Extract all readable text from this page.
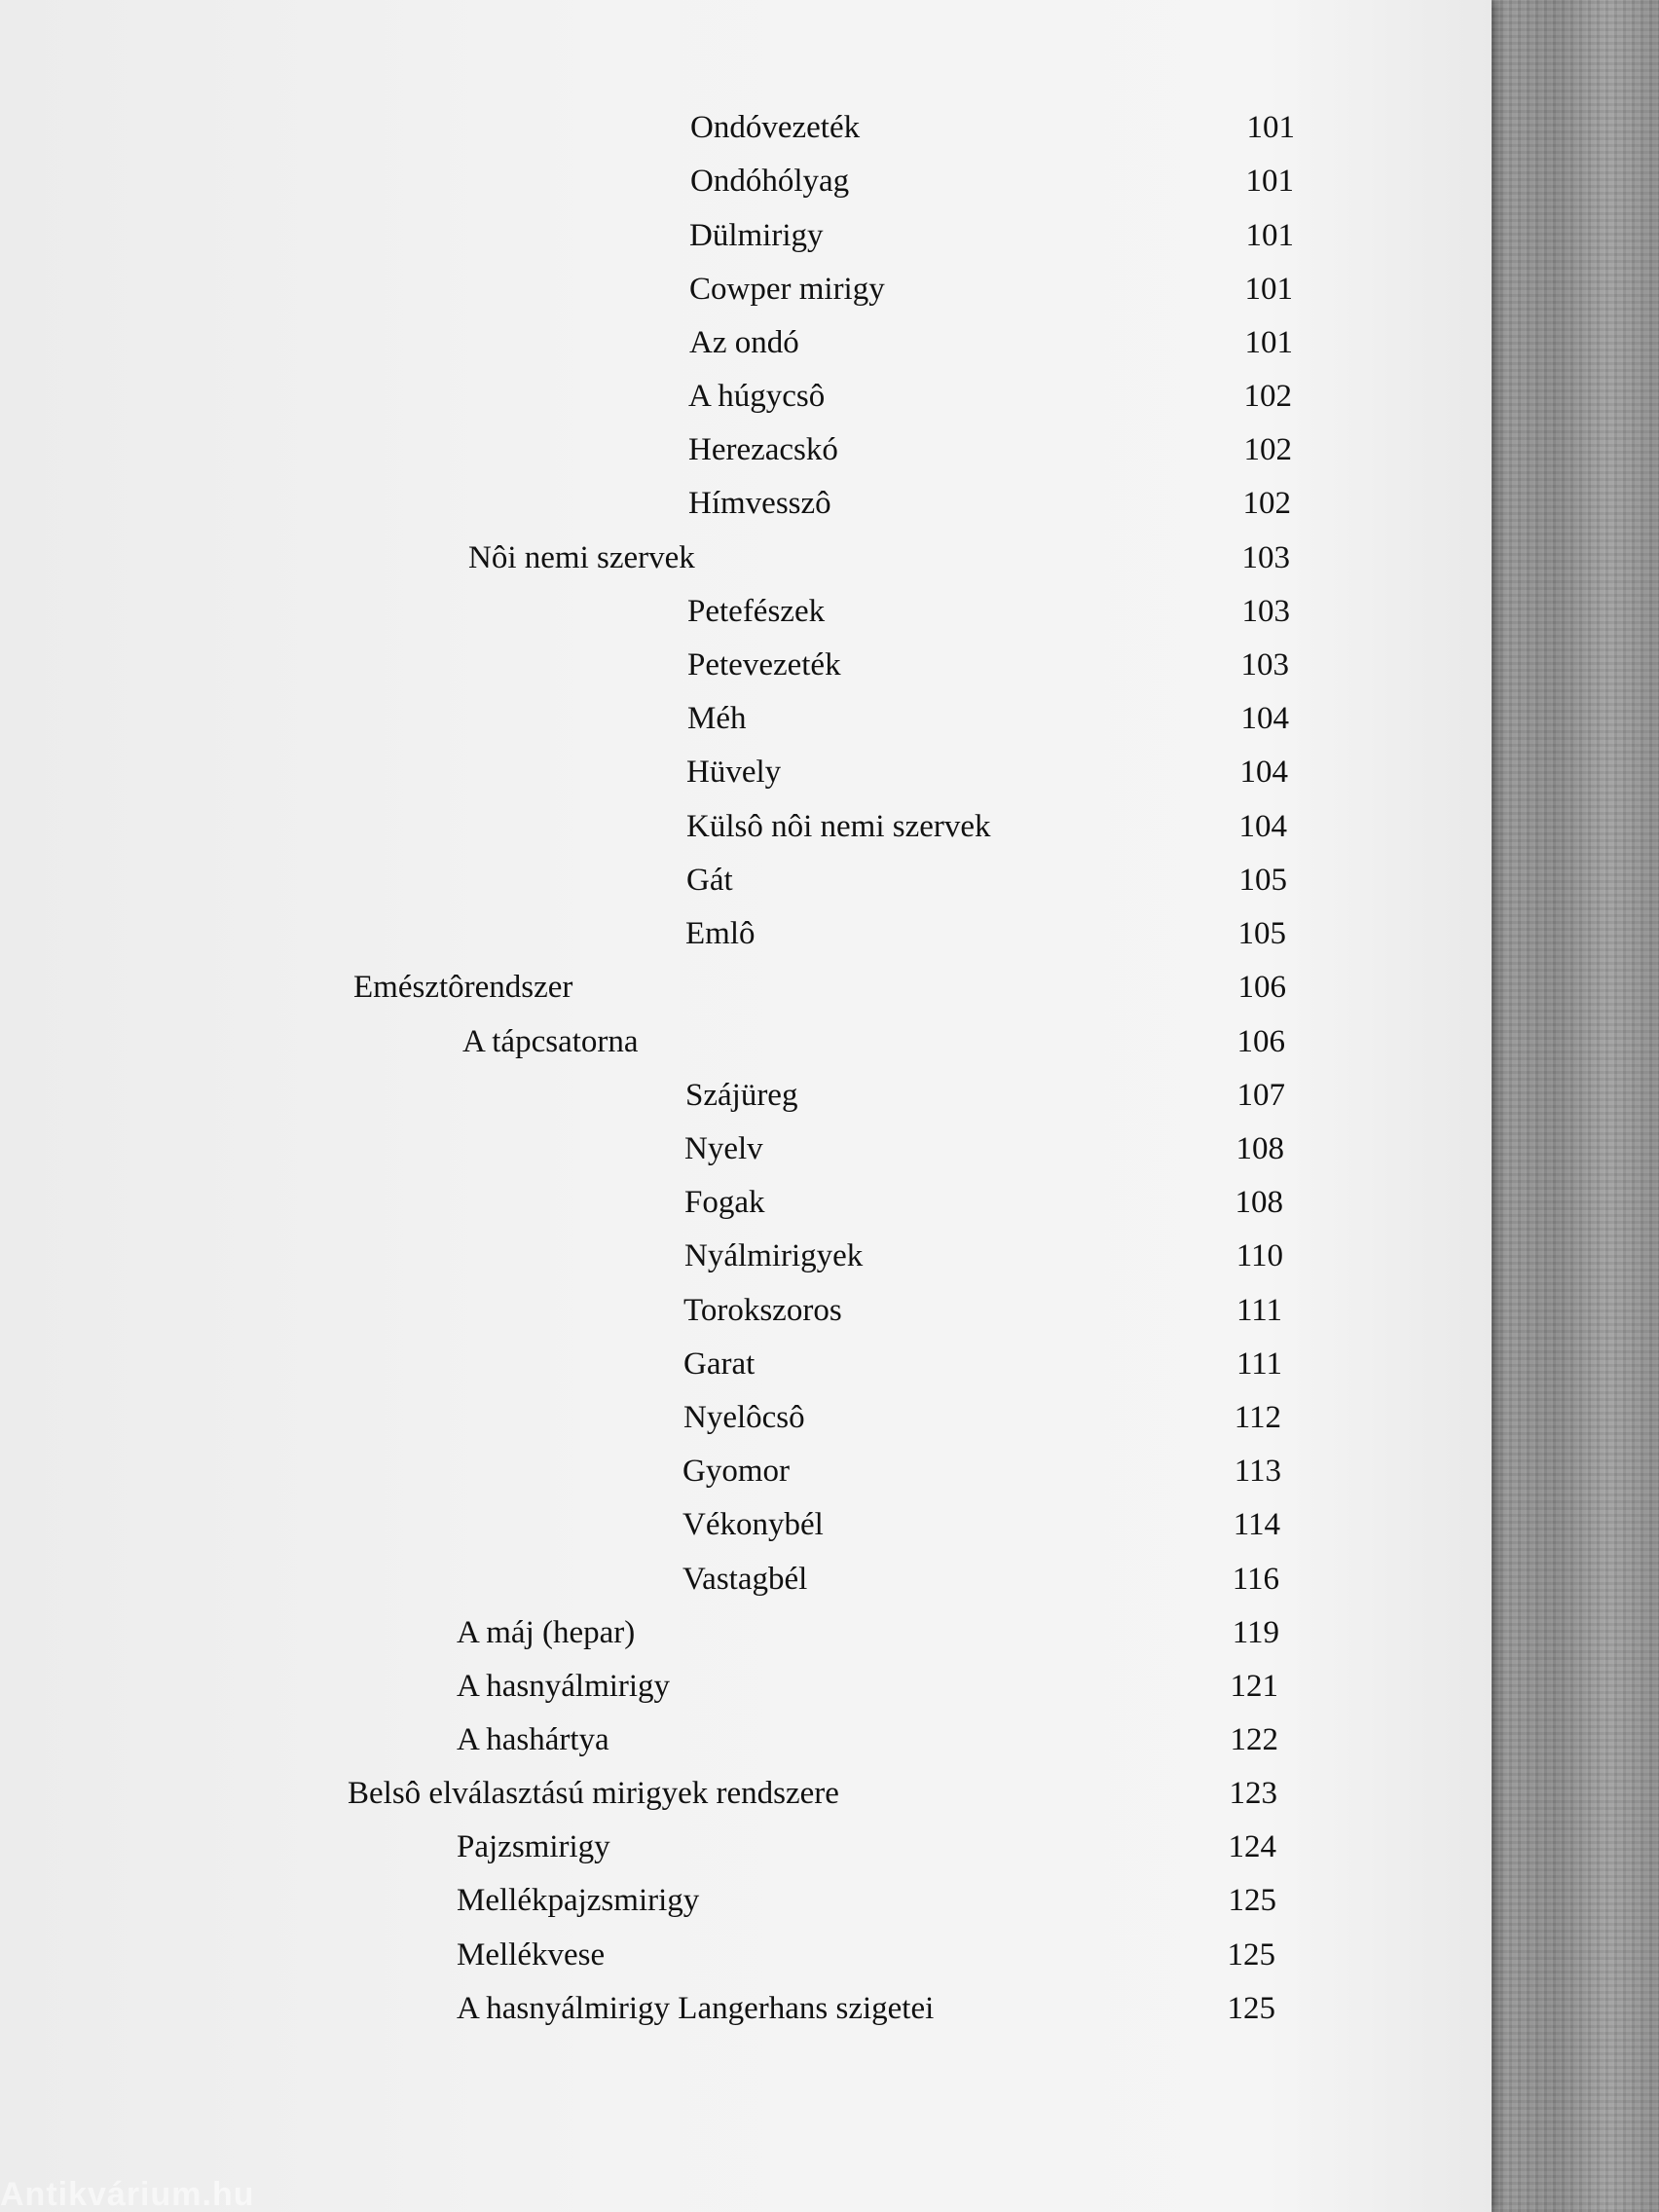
Ondóvezeték	101
Ondóhólyag	101
Dülmirigy	101
Cowper mirigy	101
Az ondó	101
A húgycsô	102
Herezacskó	102
Hímvesszô	102
Nôi nemi szervek	103
Petefészek	103
Petevezeték	103
Méh	104
Hüvely	104
Külsô nôi nemi szervek	104
Gát	105
Emlô	105
Emésztôrendszer	106
A tápcsatorna	106
Szájüreg	107
Nyelv	108
Fogak	108
Nyálmirigyek	110
Torokszoros	111
Garat	111
Nyelôcsô	112
Gyomor	113
Vékonybél	114
Vastagbél	116
A máj (hepar)	119
A hasnyálmirigy	121
A hashártya	122
Belsô elválasztású mirigyek rendszere	123
Pajzsmirigy	124
Mellékpajzsmirigy	125
Mellékvese	125
A hasnyálmirigy Langerhans szigetei	125
Antikvárium.hu
